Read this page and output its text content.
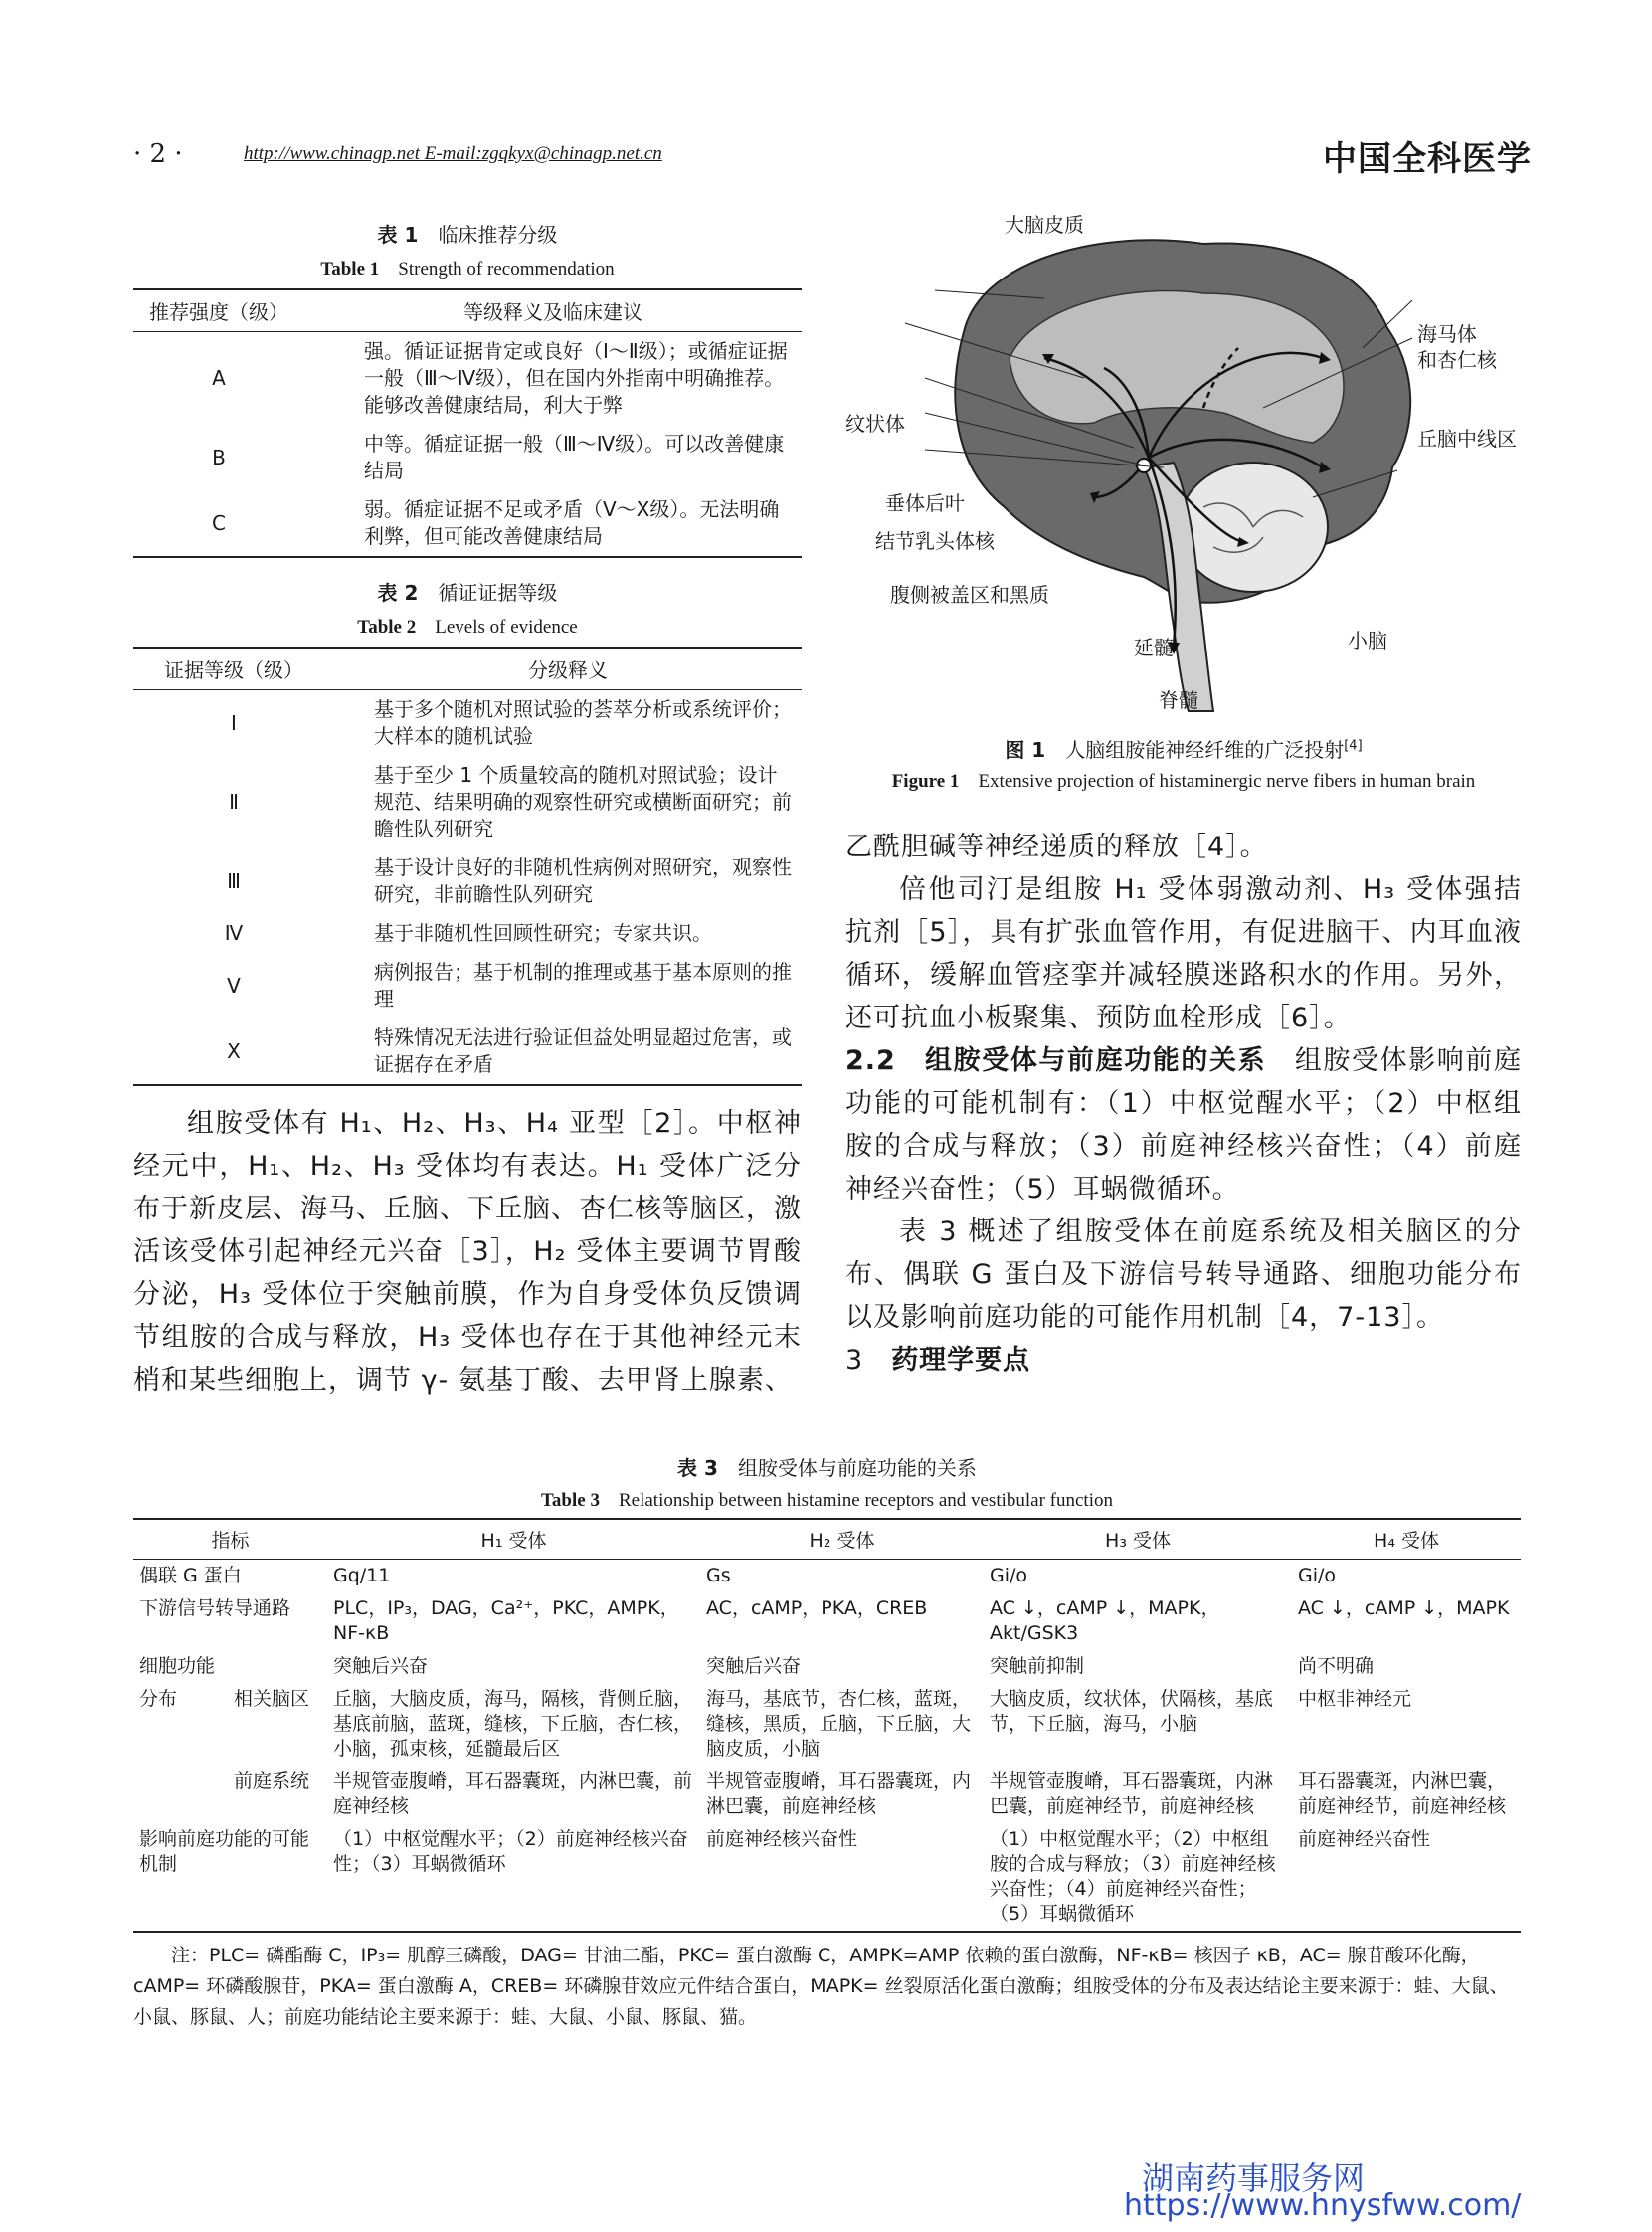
· 2 ·	http://www.chinagp.net E-mail:zgqkyx@chinagp.net.cn	中国全科医学
表 1　 临床推荐分级
Table 1　 Strength of recommendation
推荐强度（级）	等级释义及临床建议
A	强。循证证据肯定或良好（Ⅰ～Ⅱ级）；或循症证据一般（Ⅲ～Ⅳ级），但在国内外指南中明确推荐。能够改善健康结局，利大于弊
B	中等。循症证据一般（Ⅲ～Ⅳ级）。可以改善健康结局
C	弱。循症证据不足或矛盾（Ⅴ～Ⅹ级）。无法明确利弊，但可能改善健康结局
表 2　 循证证据等级
Table 2　 Levels of evidence
证据等级（级）	分级释义
Ⅰ	基于多个随机对照试验的荟萃分析或系统评价；大样本的随机试验
Ⅱ	基于至少 1 个质量较高的随机对照试验；设计规范、结果明确的观察性研究或横断面研究；前瞻性队列研究
Ⅲ	基于设计良好的非随机性病例对照研究，观察性研究，非前瞻性队列研究
Ⅳ	基于非随机性回顾性研究；专家共识。
Ⅴ	病例报告；基于机制的推理或基于基本原则的推理
Ⅹ	特殊情况无法进行验证但益处明显超过危害，或证据存在矛盾
组胺受体有 H₁、H₂、H₃、H₄ 亚型［2］。中枢神经元中，H₁、H₂、H₃ 受体均有表达。H₁ 受体广泛分布于新皮层、海马、丘脑、下丘脑、杏仁核等脑区，激活该受体引起神经元兴奋［3］，H₂ 受体主要调节胃酸分泌，H₃ 受体位于突触前膜，作为自身受体负反馈调节组胺的合成与释放，H₃ 受体也存在于其他神经元末梢和某些细胞上，调节 γ- 氨基丁酸、去甲肾上腺素、
大脑皮质
海马体
和杏仁核
纹状体
丘脑中线区
垂体后叶
结节乳头体核
腹侧被盖区和黑质
延髓	小脑
脊髓
图 1　 人脑组胺能神经纤维的广泛投射[4]
Figure 1　 Extensive projection of histaminergic nerve fibers in human brain
乙酰胆碱等神经递质的释放［4］。
倍他司汀是组胺 H₁ 受体弱激动剂、H₃ 受体强拮抗剂［5］，具有扩张血管作用，有促进脑干、内耳血液循环，缓解血管痉挛并减轻膜迷路积水的作用。另外，还可抗血小板聚集、预防血栓形成［6］。
2.2　组胺受体与前庭功能的关系　 组胺受体影响前庭功能的可能机制有：（1）中枢觉醒水平；（2）中枢组胺的合成与释放；（3）前庭神经核兴奋性；（4）前庭神经兴奋性；（5）耳蜗微循环。
表 3 概述了组胺受体在前庭系统及相关脑区的分布、偶联 G 蛋白及下游信号转导通路、细胞功能分布以及影响前庭功能的可能作用机制［4，7-13］。
3　 药理学要点
表 3　 组胺受体与前庭功能的关系
Table 3　 Relationship between histamine receptors and vestibular function
指标		H₁ 受体	H₂ 受体	H₃ 受体	H₄ 受体
偶联 G 蛋白		Gq/11	Gs	Gi/o	Gi/o
下游信号转导通路		PLC，IP₃，DAG，Ca²⁺，PKC，AMPK，NF-κB	AC，cAMP，PKA，CREB	AC ↓，cAMP ↓，MAPK，Akt/GSK3	AC ↓，cAMP ↓，MAPK
细胞功能		突触后兴奋	突触后兴奋	突触前抑制	尚不明确
分布	相关脑区	丘脑，大脑皮质，海马，隔核，背侧丘脑，基底前脑，蓝斑，缝核，下丘脑，杏仁核，小脑，孤束核，延髓最后区	海马，基底节，杏仁核，蓝斑，缝核，黑质，丘脑，下丘脑，大脑皮质，小脑	大脑皮质，纹状体，伏隔核，基底节，下丘脑，海马，小脑	中枢非神经元
	前庭系统	半规管壶腹嵴，耳石器囊斑，内淋巴囊，前庭神经核	半规管壶腹嵴，耳石器囊斑，内淋巴囊，前庭神经核	半规管壶腹嵴，耳石器囊斑，内淋巴囊，前庭神经节，前庭神经核	耳石器囊斑，内淋巴囊，前庭神经节，前庭神经核
影响前庭功能的可能机制		（1）中枢觉醒水平；（2）前庭神经核兴奋性；（3）耳蜗微循环	前庭神经核兴奋性	（1）中枢觉醒水平；（2）中枢组胺的合成与释放；（3）前庭神经核兴奋性；（4）前庭神经兴奋性；（5）耳蜗微循环	前庭神经兴奋性
注：PLC= 磷酯酶 C，IP₃= 肌醇三磷酸，DAG= 甘油二酯，PKC= 蛋白激酶 C，AMPK=AMP 依赖的蛋白激酶，NF-κB= 核因子 κB，AC= 腺苷酸环化酶，cAMP= 环磷酸腺苷，PKA= 蛋白激酶 A，CREB= 环磷腺苷效应元件结合蛋白，MAPK= 丝裂原活化蛋白激酶；组胺受体的分布及表达结论主要来源于：蛙、大鼠、小鼠、豚鼠、人；前庭功能结论主要来源于：蛙、大鼠、小鼠、豚鼠、猫。
湖南药事服务网
https://www.hnysfww.com/
